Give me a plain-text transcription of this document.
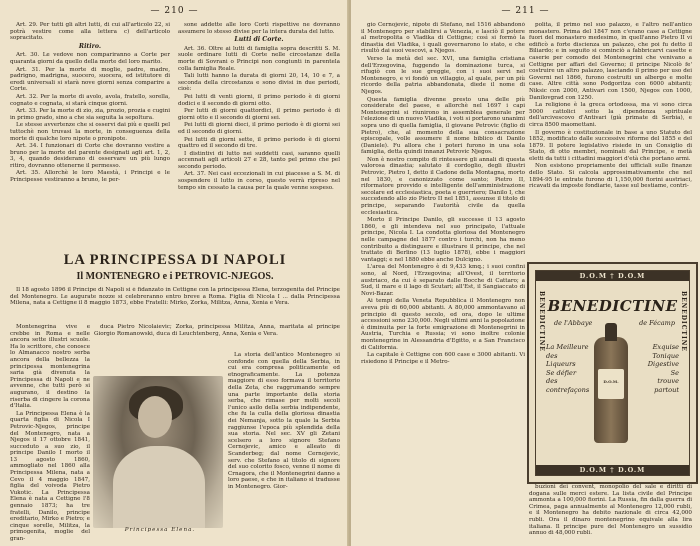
— 210 —

Art. 29. Per tutti gli altri lutti, di cui all'articolo 22, si potrà vestire come alla lettera c) dell'articolo sopracitato.

Ritiro.

Art. 30. Le vedove non compariranno a Corte per quaranta giorni da quello della morte del loro marito.

Art. 31. Per la morte di moglie, padre, madre, padrigno, madrigna, suocero, suocera, ed istitutore di eredi universali si starà nove giorni senza comparire a Corte.

Art. 32. Per la morte di avolo, avola, fratello, sorella, cognato e cognata, si starà cinque giorni.

Art. 33. Per la morte di zio, zia, prozio, prozia e cugini in primo grado, sino a che sia seguita la sepoltura.

Le stesse avvertenze che si osservi dai più e quelli pel tuttochè non truvasi la morte, in conseguenza della morte di qualche loro nipote o pronipote.

Art. 34. I funzionari di Corte che dovranno vestire a bruno per la morte del parente designati agli art. 1, 2, 3, 4, quando desiderano di osservare un più lungo ritiro, dovranno ottenerne il permesso.

Art. 35. Allorchè le loro Maestà, i Principi e le Principesse vestiranno a bruno, le per-

sone addette alle loro Corti rispettive ne dovranno assumere lo stesso divise per la intera durata del lutto.

Lutti di Corte.

Art. 36. Oltre ai lutti di famiglia sopra descritti S. M. suole ordinare lutti di Corte nelle circostanze della morte di Sovrani o Principi non congiunti in parentela colla famiglia Reale.

Tali lutti hanno la durata di giorni 20, 14, 10 e 7, a seconda della circostanza e sono divisi in due periodi, cioè:

Pei lutti di venti giorni, il primo periodo è di giorni dodici e il secondo di giorni otto.

Per lutti di giorni quattordici, il primo periodo è di giorni otto e il secondo di giorni sei.

Pei lutti di giorni dieci, il primo periodo è di giorni sei ed il secondo di giorni.

Pei lutti di giorni sette, il primo periodo è di giorni quattro ed il secondo di tre.

I distintivi di lutto nei suddetti casi, saranno quelli accennati agli articoli 27 e 28, tanto pel primo che pel secondo periodo.

Art. 37. Nei casi eccezionali in cui piacesse a S. M. di sospendere il lutto in corso, questo verrà ripreso nel tempo sin cessato la causa per la quale venne sospeso.

LA PRINCIPESSA DI NAPOLI
Il MONTENEGRO e i PETROVIC-NJEGOS.

Il 18 agosto 1896 il Principe di Napoli si è fidanzato in Cettigne con la principessa Elena, terzogenita del Principe del Montenegro. Le augurate nozze si celebreranno entro breve a Roma. Figlia di Nicola I ... dalla Principessa Milena, nata a Cettigne il 8 maggio 1873, ebbe Fratelli: Mirko, Zorka, Militza, Anna, Xenia e Vera.

Montenegrina vive e crebbe in Roma e nelle ancora sette illustri scuole. Ha lo scrittore, che conosce lo Almanacco nostro serba ancora della bellezza la principessa montenegrina saria già divenuta la Principessa di Napoli e ne avvenne, che tutti però si augurano, il destino la riserba di cingere la corona d'Italia.

La Principessa Elena è la quarta figlia di Nicola I Petrovic-Njegos, principe del Montenegro, nata a Njegos il 17 ottobre 1841, succeduto a suo zio, il principe Danilo I morto il 13 agosto 1860, ammogliato nel 1860 alla Principessa Milena, nata a Cevo il 4 maggio 1847, figlia del voivoda Pietro Vukotic. La Principessa Elena è nata a Cettigne l'8 gennaio 1873; ha tre fratelli, Danilo, principe ereditario, Mirko e Pietro; e cinque sorelle, Militza, la primogenita, moglie del gran-

duca Pietro Nicolaievic; Zorka, principessa Militza, Anna, maritata al principe Giorgio Romanowski, duca di Leuchtenberg, Anna, Xenia e Vera.

Principessa Elena.

La storia dell'antico Montenegro si confonde con quella della Serbia, in cui era compresa politicamente ed etnograficamente. La potenza maggiore di esso formava il territorio della Zeta, che raggrumando sempre una parte importante della storia serba, che rimase per molti secoli l'unico asilo della serbia indipendente, che fu la culla della gloriosa dinastia dei Nemanja, sotto la quale la Serbia raggiunse l'epoca più splendida della sua storia. Nel sec. XV gli Zetani scelsero a loro signore Stefano Cernojevic, amico e alleato di Scanderbeg; dal nome Cernojevic, serv. che Stefano al titolo di signore del suo colorito fosco, venne il nome di Crnagora, che il Montenegrini danno a loro paese, e che in italiano si tradusse in Montenegro. Gior-

— 211 —

gio Cernojevic, nipote di Stefano, nel 1516 abbandonò il Montenegro per stabilirsi a Venezia, e lasciò il potere al metropolita o Vladika di Cettigne; così si formò la dinastia dei Vladika, i quali governarono lo stato, e che risultò dai suoi vescovi, a Njegos.

Verso la metà del sec. XVI, una famiglia cristiana dell'Erzegovina, fuggendo la dominazione turca, si rifugiò con le sue greggie, con i suoi servi nel Montenegro, e vi fondò un villaggio, al quale, per un più ricordo della patria abbandonata, diede il nome di Njegos.

Questa famiglia divenne presto una delle più considerate del paese, e allorchè nel 1697 i capi Montenegrini si riunirono in assemblea generale per l'elezione di un nuovo Vladika, i voti si portarono unanimi sopra uno di quella famiglia, il giovane Petrovic (figlio di Pietro), che, al momento della sua consacrazione episcopale, volle assumere il nome biblico di Danilo (Daniele). Fu allora che i poteri furono in una sola famiglia, detta quindi innanzi Petrovic Njegos.

Non è nostro compito di rintessere gli annali di questa valorosa dinastia; salutato il cordoglio, degli illustri Petrovic, Pietro I, detto il Cadone della Montagna, morto nel 1830, e canonizzato come santo; Pietro II, riformatore provvido e intelligente dell'amministrazione secolare ed ecclesiastica, poeta e guerriero; Danilo I, che succedendo allo zio Pietro II nel 1851, assunse il titolo di principe, separando l'autorità civile da quella ecclesiastica.

Morto il Principe Danilo, gli successe il 13 agosto 1860, e gli intendeva nel suo principato, l'attuale principe, Nicola I. La condotta gloriosa del Montenegro nelle campagne del 1877 contro i turchi, non ha meno contribuito a distinguere e illustrare il principe, che nel trattato di Berlino (13 luglio 1878), ebbe i maggiori vantaggi; e nel 1880 ebbe anche Dulcigno.

L'area del Montenegro è di 9,433 kmq.; i suoi confini sono, al Nord, l'Erzegovina; all'Ovest, il territorio austriaco, da cui è separato dalle Bocche di Cattaro; a Sud, il mare e il lago di Scutari; all'Est, il Sangiaccato di Novi-Bazar.

Ai tempi della Veneta Repubblica il Montenegro non aveva più di 60,000 abitanti. A 80,000 ammontavano al principio di questo secolo, ed ora, dopo le ultime accessioni sono 230,000. Negli ultimi anni la popolazione è diminuita per la forte emigrazione di Montenegrini in Austria, Turchia e Russia; vi sono inoltre colonie montenegrine in Alessandria d'Egitto, e a San Francisco di California.

La capitale è Cettigne con 600 case e 3000 abitanti. Vi risiedono il Principe e il Metro-

polita, il primo nel suo palazzo, e l'altro nell'antico monastero. Prima del 1847 non c'erano case a Cettigne fuori del monastero medesimo, in quell'anno Pietro II vi edificò a forte discienza un palazzo, che poi fu detto il Biliardo; e in seguito si cominciò a fabbricarvi casette e caserie per comodo dei Montenegrini che venivano a Cettigne per affari del Governo; il principe Nicolò fe' costruire un altro palazzo, lasciando il primo per uso dei Governi nel 1866, furono costruiti un albergo e molte case. Altre città sono Podgoritza con 6000 abitanti; Niksic con 2000, Antivari con 1500, Njegos con 1000, Danilovgrad con 1250.

La religione è la greca ortodossa, ma vi sono circa 5000 cattolici sotto la dipendenza spirituale dell'arcivescovo d'Antivari (già primate di Serbia), e circa 8500 maomettani.

Il governo è costituzionale in base a uno Statuto del 1852, modificato dalle successive riforme del 1855 e del 1879. Il potere legislativo risiede in un Consiglio di Stato, di otto membri, nominati dal Principe, e metà eletti da tutti i cittadini maggiori d'età che portano armi.

Non esistono propriamente dei ufficiali sulle finanze dello Stato. Si calcola approssimativamente che nel 1894-95 le entrate furono di 1,150,000 fiorini austriaci, ricavati da imposte fondiarie, tasse sul bestiame, contri-

buzioni dei convent, monopolio del sale e diritti di dogana sulle merci estere. La lista civile del Principe ammonta a 100,000 fiorini. La Russia, fin dalla guerra di Crimea, paga annualmente al Montenegro 12,000 rubli, e il Montenegro ha debito nazionale di circa 42,000 rubli. Ora il dinaro montenegrino equivale alla lira italiana. Il principe pure del Montenegro un sussidio annuo di 48,000 rubli.

D.O.M † D.O.M
BENEDICTINE	BENEDICTINE
BENEDICTINE
de l'Abbaye	de Fécamp
La Meilleure
des
Liqueurs
Se défier
des
contrefaçons
D.O.M.
Exquise
Tonique
Digestive
Se
trouve
partout
D.O.M † D.O.M
